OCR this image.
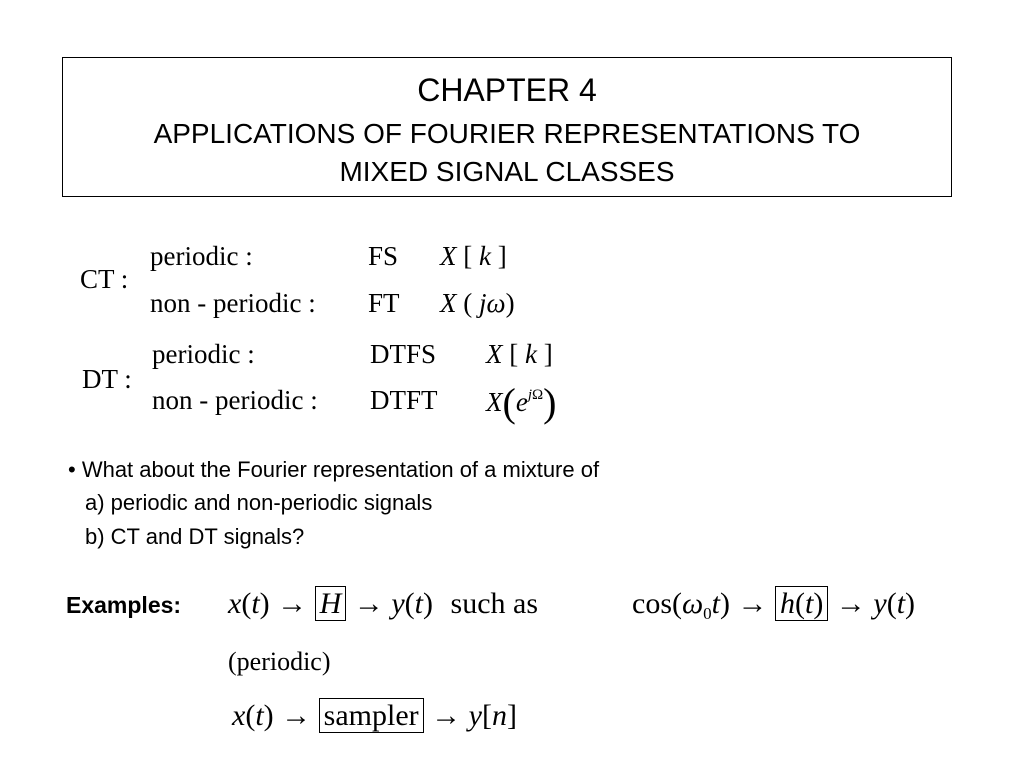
CHAPTER 4
APPLICATIONS OF FOURIER REPRESENTATIONS TO
MIXED SIGNAL CLASSES
CT :
periodic :	FS X [ k ]
non - periodic : FT X ( jω)
DT :
periodic :	DTFS X [ k ]
non - periodic : DTFT $X(e^{j\Omega})$
• What about the Fourier representation of a mixture of
a) periodic and non-periodic signals
b) CT and DT signals?
Examples: x(t) → H → y(t) such as	$\cos(\omega_0t) \to h(t) \to y(t)$
(periodic)
x(t) → sampler → y[n]
